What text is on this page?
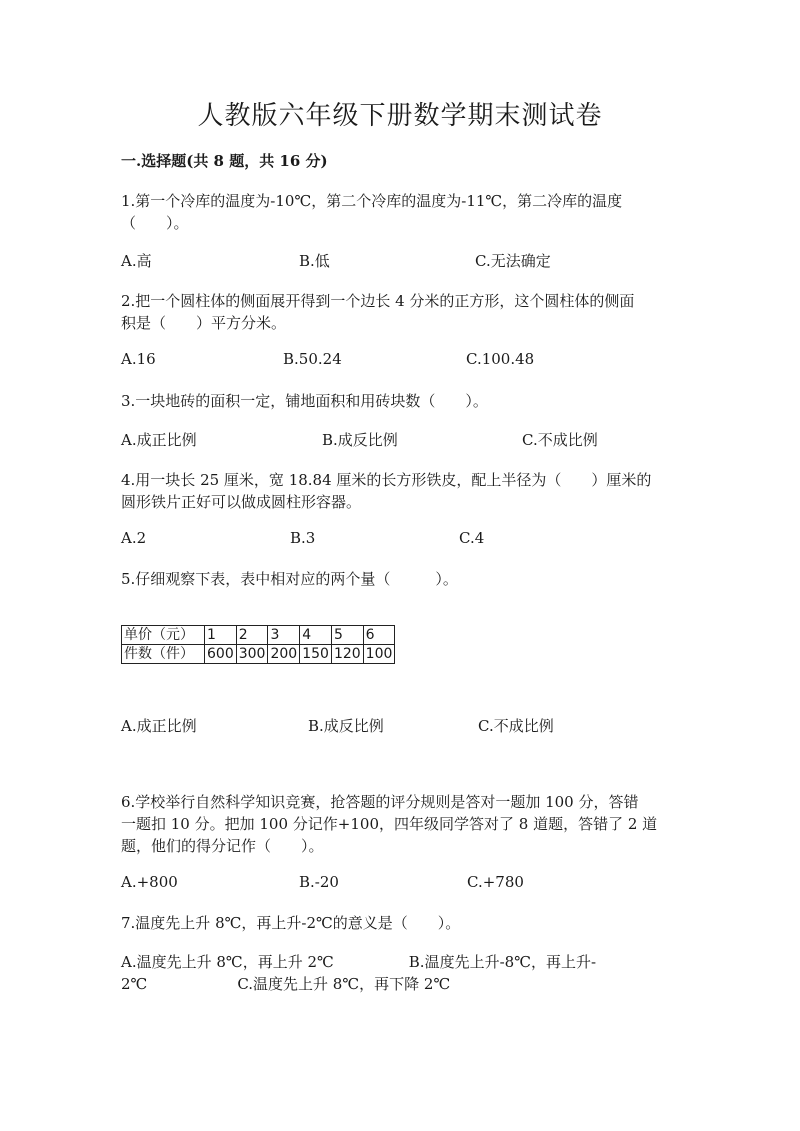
人教版六年级下册数学期末测试卷
一.选择题(共 8 题，共 16 分)
1.第一个冷库的温度为-10℃，第二个冷库的温度为-11℃，第二冷库的温度
（　　）。
A.高	B.低	C.无法确定
2.把一个圆柱体的侧面展开得到一个边长 4 分米的正方形，这个圆柱体的侧面
积是（　　）平方分米。
A.16	B.50.24	C.100.48
3.一块地砖的面积一定，铺地面积和用砖块数（　　）。
A.成正比例	B.成反比例	C.不成比例
4.用一块长 25 厘米，宽 18.84 厘米的长方形铁皮，配上半径为（　　）厘米的
圆形铁片正好可以做成圆柱形容器。
A.2	B.3	C.4
5.仔细观察下表，表中相对应的两个量（　　　）。
单价（元）	1	2	3	4	5	6
件数（件）	600	300	200	150	120	100
A.成正比例	B.成反比例	C.不成比例
6.学校举行自然科学知识竞赛，抢答题的评分规则是答对一题加 100 分，答错
一题扣 10 分。把加 100 分记作+100，四年级同学答对了 8 道题，答错了 2 道
题，他们的得分记作（　　）。
A.+800	B.-20	C.+780
7.温度先上升 8℃，再上升-2℃的意义是（　　）。
A.温度先上升 8℃，再上升 2℃　　　　　B.温度先上升-8℃，再上升-
2℃　　　　　　C.温度先上升 8℃，再下降 2℃
